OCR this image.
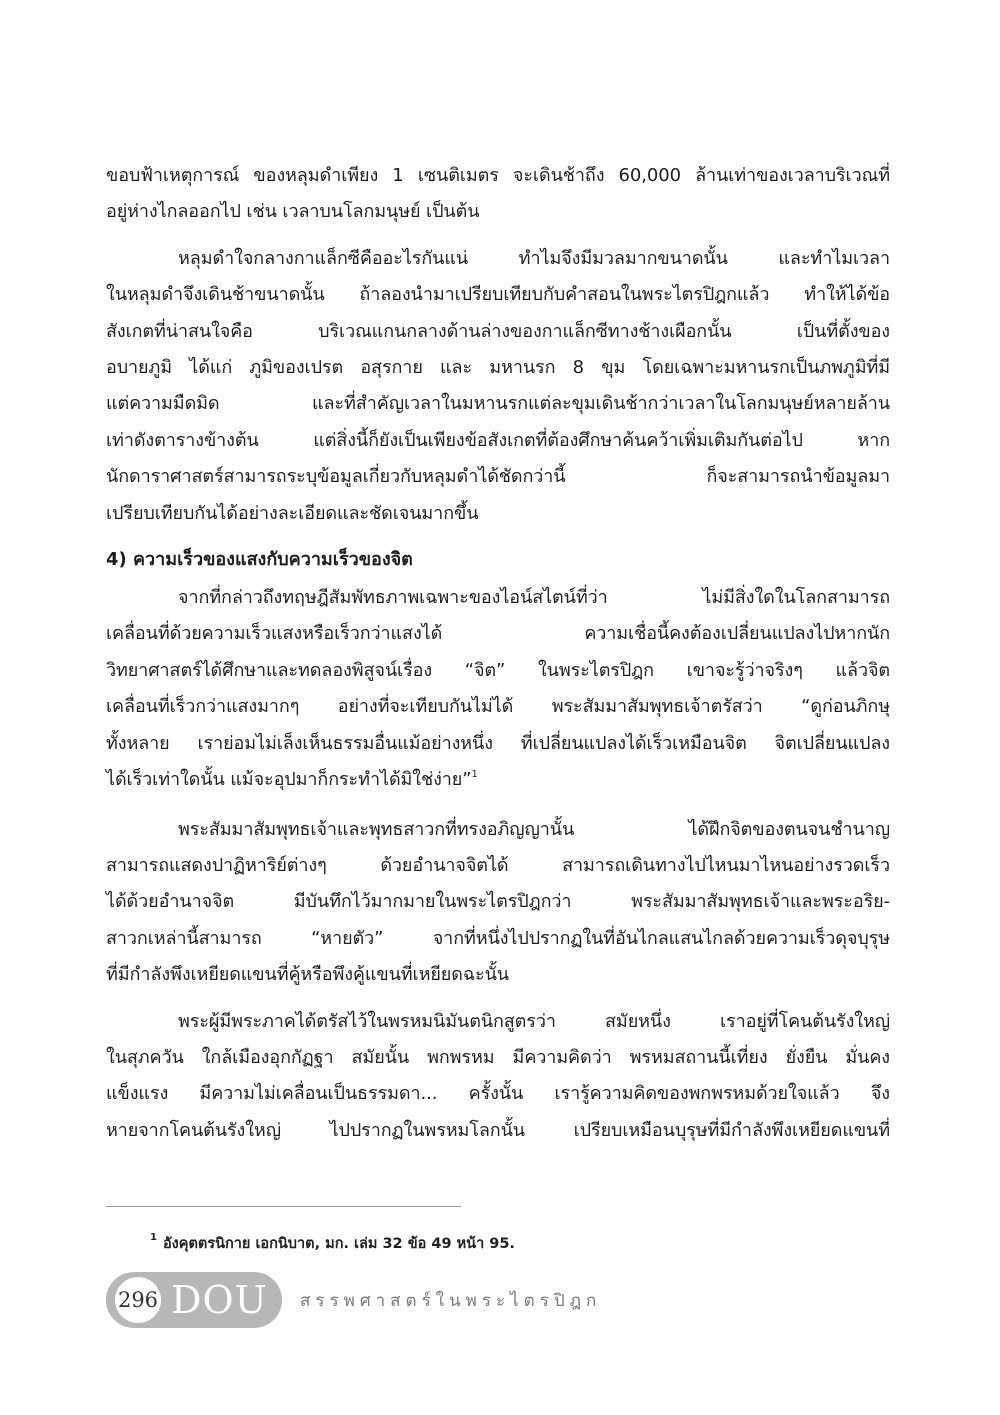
ขอบฟ้าเหตุการณ์ ของหลุมดำเพียง 1 เซนติเมตร จะเดินช้าถึง 60,000 ล้านเท่าของเวลาบริเวณที่
อยู่ห่างไกลออกไป เช่น เวลาบนโลกมนุษย์ เป็นต้น

หลุมดำใจกลางกาแล็กซีคืออะไรกันแน่ ทำไมจึงมีมวลมากขนาดนั้น และทำไมเวลา
ในหลุมดำจึงเดินช้าขนาดนั้น ถ้าลองนำมาเปรียบเทียบกับคำสอนในพระไตรปิฎกแล้ว ทำให้ได้ข้อ
สังเกตที่น่าสนใจคือ บริเวณแกนกลางด้านล่างของกาแล็กซีทางช้างเผือกนั้น เป็นที่ตั้งของ
อบายภูมิ ได้แก่ ภูมิของเปรต อสุรกาย และ มหานรก 8 ขุม โดยเฉพาะมหานรกเป็นภพภูมิที่มี
แต่ความมืดมิด และที่สำคัญเวลาในมหานรกแต่ละขุมเดินช้ากว่าเวลาในโลกมนุษย์หลายล้าน
เท่าดังตารางข้างต้น แต่สิ่งนี้ก็ยังเป็นเพียงข้อสังเกตที่ต้องศึกษาค้นคว้าเพิ่มเติมกันต่อไป หาก
นักดาราศาสตร์สามารถระบุข้อมูลเกี่ยวกับหลุมดำได้ชัดกว่านี้ ก็จะสามารถนำข้อมูลมา
เปรียบเทียบกันได้อย่างละเอียดและชัดเจนมากขึ้น

4) ความเร็วของแสงกับความเร็วของจิต

จากที่กล่าวถึงทฤษฎีสัมพัทธภาพเฉพาะของไอน์สไตน์ที่ว่า ไม่มีสิ่งใดในโลกสามารถ
เคลื่อนที่ด้วยความเร็วแสงหรือเร็วกว่าแสงได้ ความเชื่อนี้คงต้องเปลี่ยนแปลงไปหากนัก
วิทยาศาสตร์ได้ศึกษาและทดลองพิสูจน์เรื่อง “จิต” ในพระไตรปิฎก เขาจะรู้ว่าจริงๆ แล้วจิต
เคลื่อนที่เร็วกว่าแสงมากๆ อย่างที่จะเทียบกันไม่ได้ พระสัมมาสัมพุทธเจ้าตรัสว่า “ดูก่อนภิกษุ
ทั้งหลาย เราย่อมไม่เล็งเห็นธรรมอื่นแม้อย่างหนึ่ง ที่เปลี่ยนแปลงได้เร็วเหมือนจิต จิตเปลี่ยนแปลง
ได้เร็วเท่าใดนั้น แม้จะอุปมาก็กระทำได้มิใช่ง่าย”$^1$

พระสัมมาสัมพุทธเจ้าและพุทธสาวกที่ทรงอภิญญานั้น ได้ฝึกจิตของตนจนชำนาญ
สามารถแสดงปาฏิหาริย์ต่างๆ ด้วยอำนาจจิตได้ สามารถเดินทางไปไหนมาไหนอย่างรวดเร็ว
ได้ด้วยอำนาจจิต มีบันทึกไว้มากมายในพระไตรปิฎกว่า พระสัมมาสัมพุทธเจ้าและพระอริย-
สาวกเหล่านี้สามารถ “หายตัว” จากที่หนึ่งไปปรากฏในที่อันไกลแสนไกลด้วยความเร็วดุจบุรุษ
ที่มีกำลังพึงเหยียดแขนที่คู้หรือพึงคู้แขนที่เหยียดฉะนั้น

พระผู้มีพระภาคได้ตรัสไว้ในพรหมนิมันตนิกสูตรว่า สมัยหนึ่ง เราอยู่ที่โคนต้นรังใหญ่
ในสุภควัน ใกล้เมืองอุกกัฏฐา สมัยนั้น พกพรหม มีความคิดว่า พรหมสถานนี้เที่ยง ยั่งยืน มั่นคง
แข็งแรง มีความไม่เคลื่อนเป็นธรรมดา... ครั้งนั้น เรารู้ความคิดของพกพรหมด้วยใจแล้ว จึง
หายจากโคนต้นรังใหญ่ ไปปรากฏในพรหมโลกนั้น เปรียบเหมือนบุรุษที่มีกำลังพึงเหยียดแขนที่

$^1$ อังคุตตรนิกาย เอกนิบาต, มก. เล่ม 32 ข้อ 49 หน้า 95.
296 DOU สรรพศาสตร์ในพระไตรปิฎก
